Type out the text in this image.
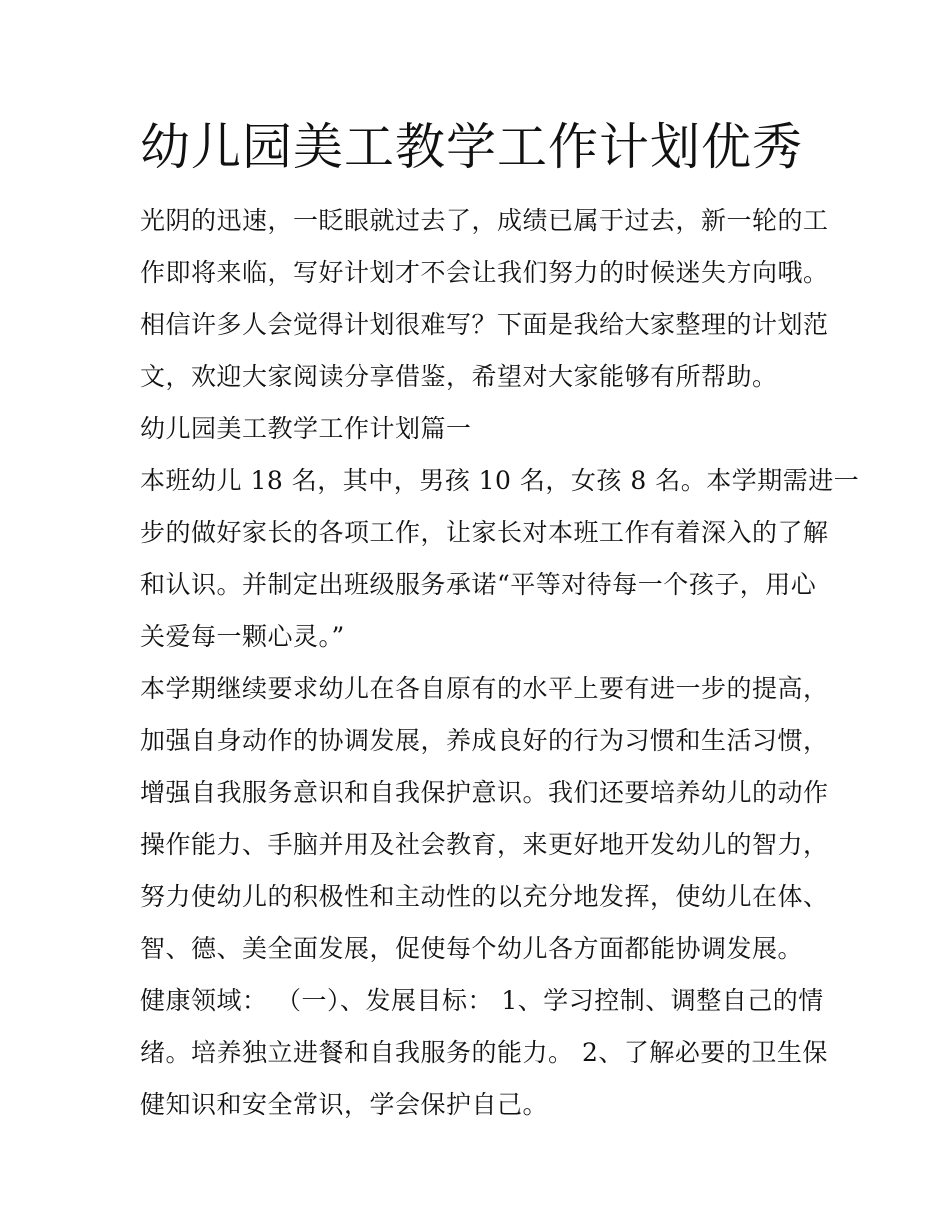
幼儿园美工教学工作计划优秀
光阴的迅速，一眨眼就过去了，成绩已属于过去，新一轮的工
作即将来临，写好计划才不会让我们努力的时候迷失方向哦。
相信许多人会觉得计划很难写？下面是我给大家整理的计划范
文，欢迎大家阅读分享借鉴，希望对大家能够有所帮助。
幼儿园美工教学工作计划篇一
本班幼儿 18 名，其中，男孩 10 名，女孩 8 名。本学期需进一
步的做好家长的各项工作，让家长对本班工作有着深入的了解
和认识。并制定出班级服务承诺“平等对待每一个孩子，用心
关爱每一颗心灵。”
本学期继续要求幼儿在各自原有的水平上要有进一步的提高，
加强自身动作的协调发展，养成良好的行为习惯和生活习惯，
增强自我服务意识和自我保护意识。我们还要培养幼儿的动作
操作能力、手脑并用及社会教育，来更好地开发幼儿的智力，
努力使幼儿的积极性和主动性的以充分地发挥，使幼儿在体、
智、德、美全面发展，促使每个幼儿各方面都能协调发展。
健康领域： （一）、发展目标： 1、学习控制、调整自己的情
绪。培养独立进餐和自我服务的能力。 2、了解必要的卫生保
健知识和安全常识，学会保护自己。
